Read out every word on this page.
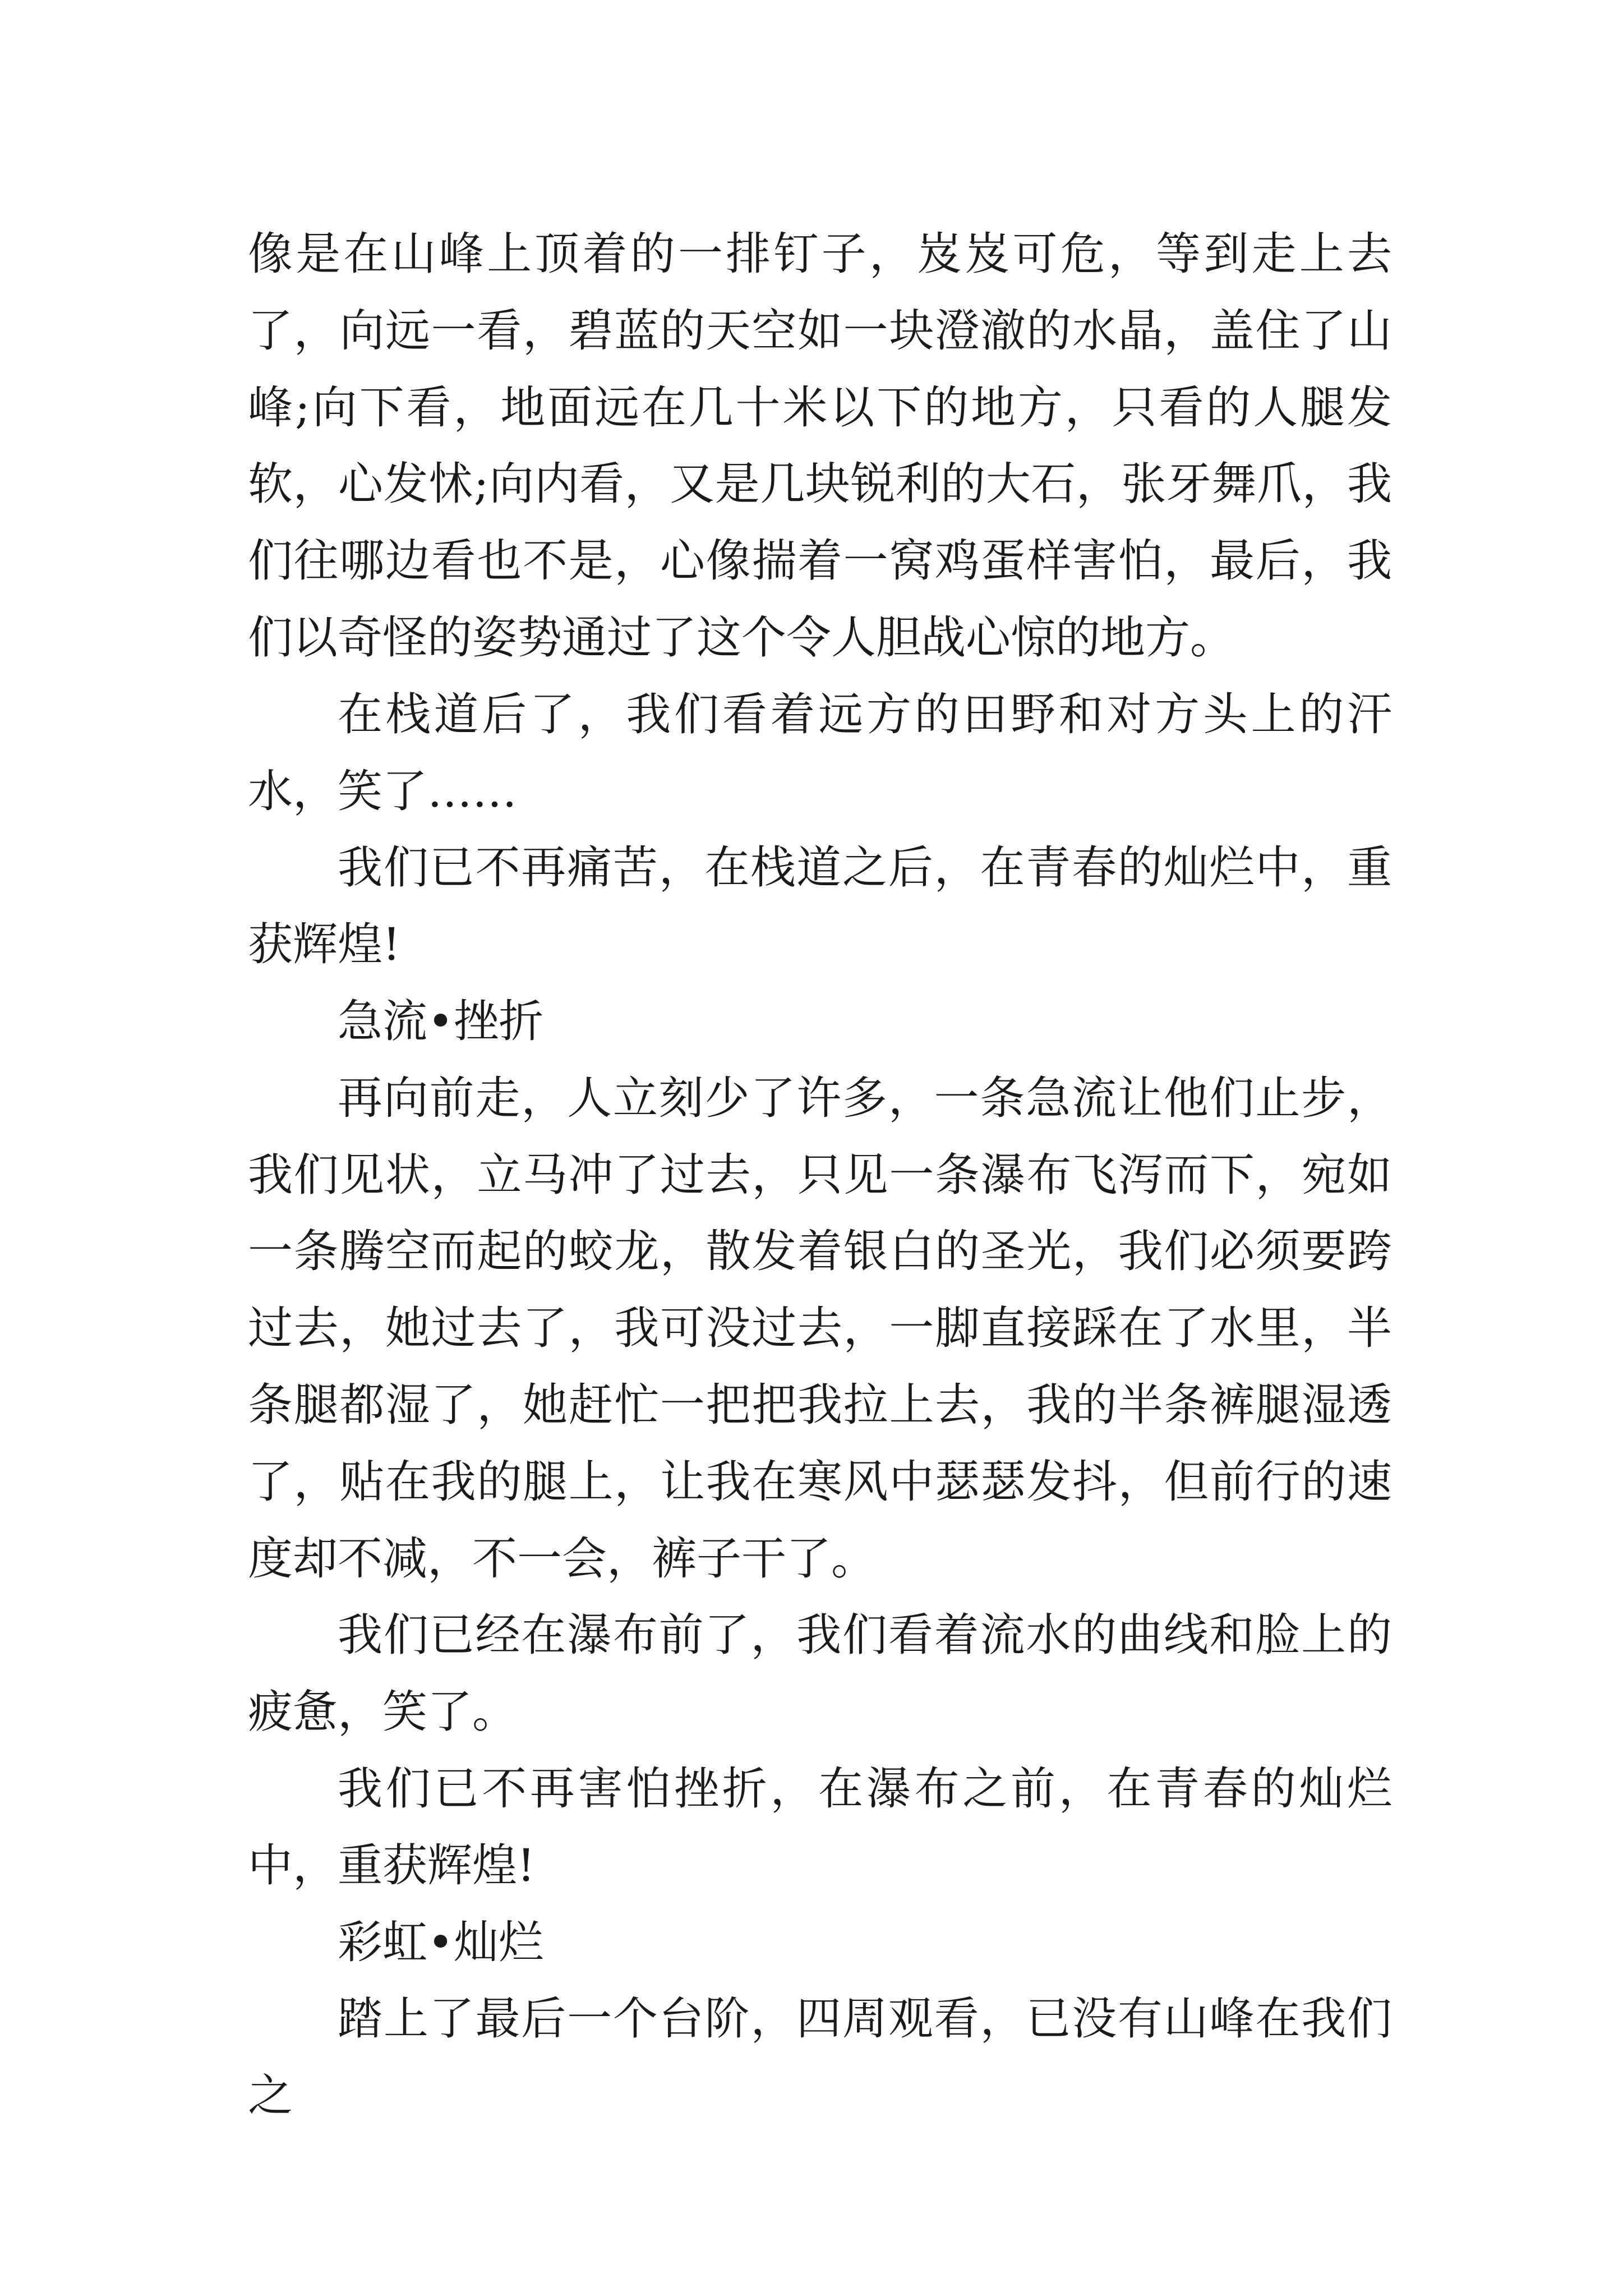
像是在山峰上顶着的一排钉子，岌岌可危，等到走上去了，向远一看，碧蓝的天空如一块澄澈的水晶，盖住了山峰;向下看，地面远在几十米以下的地方，只看的人腿发软，心发怵;向内看，又是几块锐利的大石，张牙舞爪，我们往哪边看也不是，心像揣着一窝鸡蛋样害怕，最后，我们以奇怪的姿势通过了这个令人胆战心惊的地方。

在栈道后了，我们看着远方的田野和对方头上的汗水，笑了……

我们已不再痛苦，在栈道之后，在青春的灿烂中，重获辉煌!

急流•挫折

再向前走，人立刻少了许多，一条急流让他们止步，我们见状，立马冲了过去，只见一条瀑布飞泻而下，宛如一条腾空而起的蛟龙，散发着银白的圣光，我们必须要跨过去，她过去了，我可没过去，一脚直接踩在了水里，半条腿都湿了，她赶忙一把把我拉上去，我的半条裤腿湿透了，贴在我的腿上，让我在寒风中瑟瑟发抖，但前行的速度却不减，不一会，裤子干了。

我们已经在瀑布前了，我们看着流水的曲线和脸上的疲惫，笑了。

我们已不再害怕挫折，在瀑布之前，在青春的灿烂中，重获辉煌!

彩虹•灿烂

踏上了最后一个台阶，四周观看，已没有山峰在我们之
